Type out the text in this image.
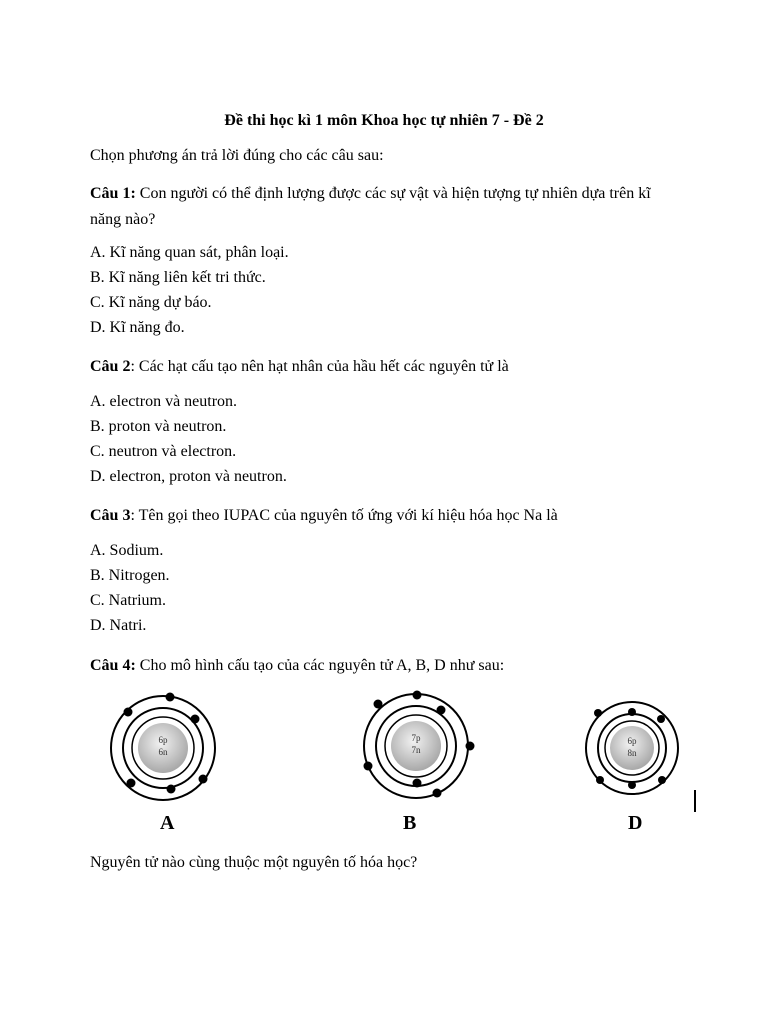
Đề thi học kì 1 môn Khoa học tự nhiên 7 - Đề 2
Chọn phương án trả lời đúng cho các câu sau:
Câu 1: Con người có thể định lượng được các sự vật và hiện tượng tự nhiên dựa trên kĩ năng nào?
A. Kĩ năng quan sát, phân loại.
B. Kĩ năng liên kết tri thức.
C. Kĩ năng dự báo.
D. Kĩ năng đo.
Câu 2: Các hạt cấu tạo nên hạt nhân của hầu hết các nguyên tử là
A. electron và neutron.
B. proton và neutron.
C. neutron và electron.
D. electron, proton và neutron.
Câu 3: Tên gọi theo IUPAC của nguyên tố ứng với kí hiệu hóa học Na là
A. Sodium.
B. Nitrogen.
C. Natrium.
D. Natri.
Câu 4: Cho mô hình cấu tạo của các nguyên tử A, B, D như sau:
Nguyên tử nào cùng thuộc một nguyên tố hóa học?
6p
6n
A
7p
7n
B
6p
8n
D
